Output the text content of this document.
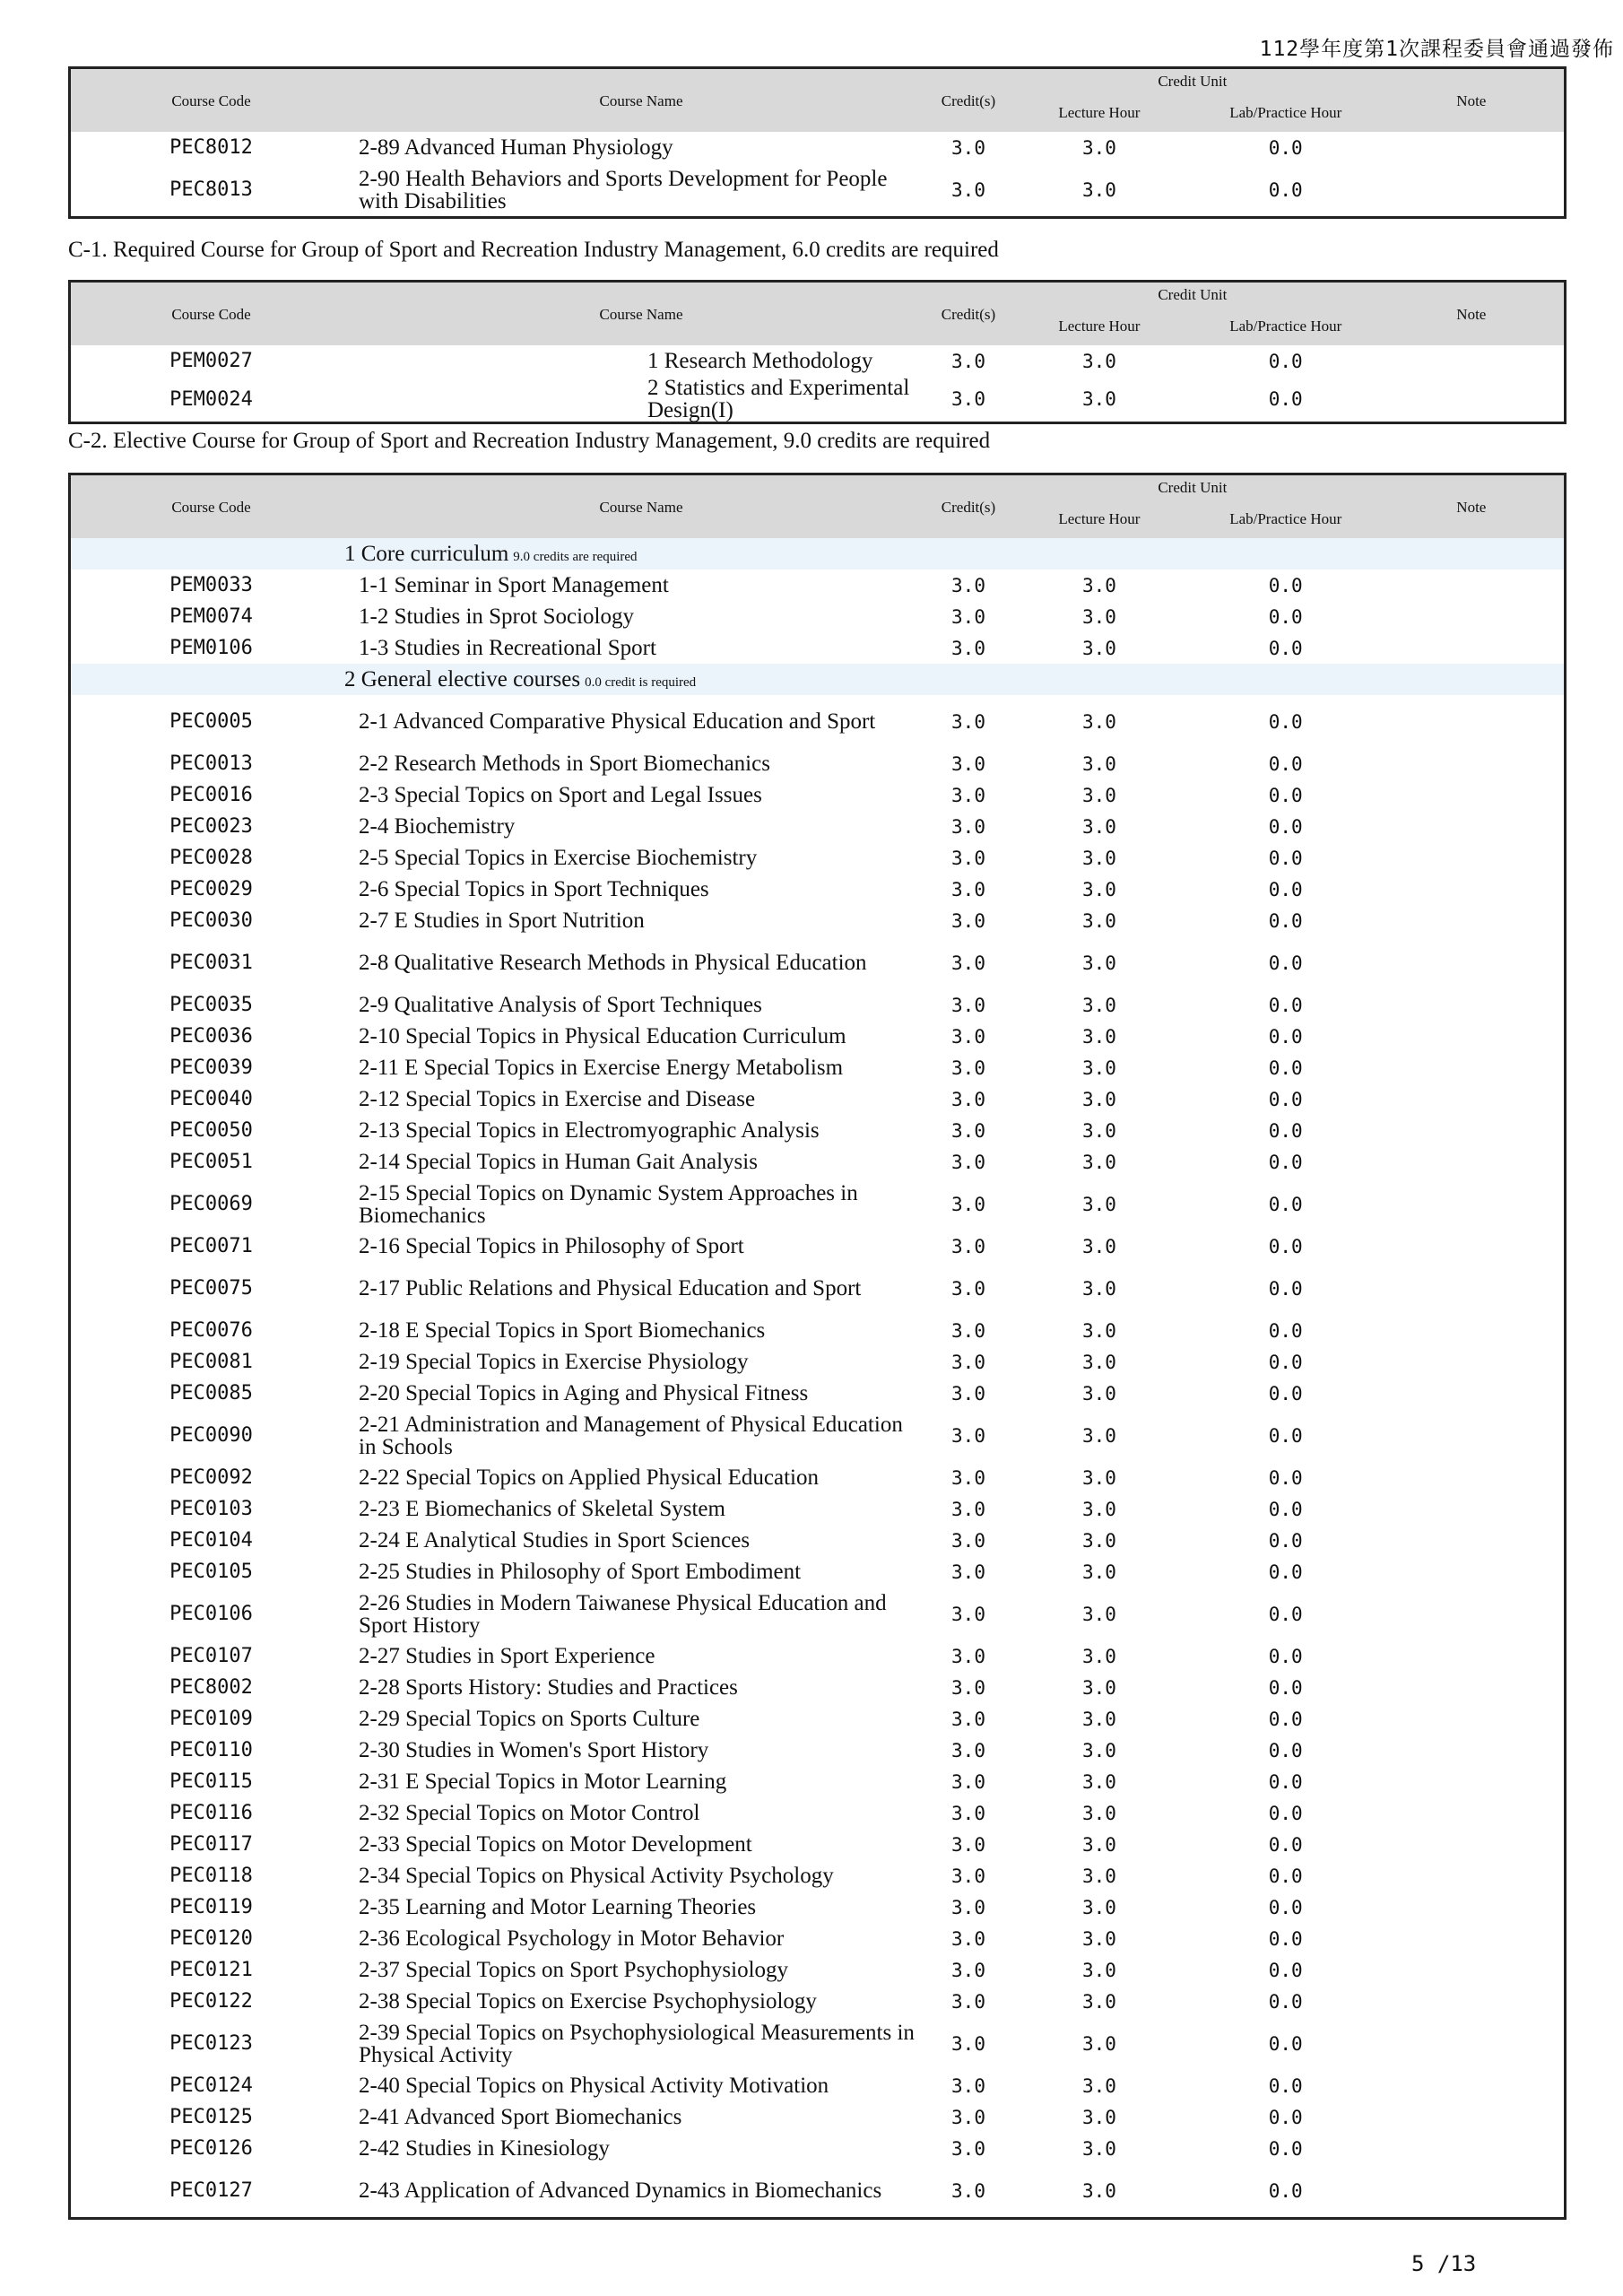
112學年度第1次課程委員會通過發佈
Course Code	Course Name	Credit(s)	Credit Unit		Note
			Lecture Hour	Lab/Practice Hour	
PEC8012	2-89 Advanced Human Physiology	3.0	3.0	0.0	
PEC8013	2-90 Health Behaviors and Sports Development for People with Disabilities	3.0	3.0	0.0	
C-1. Required Course for Group of Sport and Recreation Industry Management, 6.0 credits are required
Course Code	Course Name	Credit(s)	Credit Unit		Note
			Lecture Hour	Lab/Practice Hour	
PEM0027	1 Research Methodology	3.0	3.0	0.0	
PEM0024	2 Statistics and Experimental Design(I)	3.0	3.0	0.0	
C-2. Elective Course for Group of Sport and Recreation Industry Management, 9.0 credits are required
Course Code	Course Name	Credit(s)	Credit Unit		Note
			Lecture Hour	Lab/Practice Hour	

1 Core curriculum 9.0 credits are required					

PEM0033	1-1 Seminar in Sport Management	3.0	3.0	0.0	
PEM0074	1-2 Studies in Sprot Sociology	3.0	3.0	0.0	
PEM0106	1-3 Studies in Recreational Sport	3.0	3.0	0.0	

2 General elective courses 0.0 credit is required					

PEC0005	2-1 Advanced Comparative Physical Education and Sport	3.0	3.0	0.0	
PEC0013	2-2 Research Methods in Sport Biomechanics	3.0	3.0	0.0	
PEC0016	2-3 Special Topics on Sport and Legal Issues	3.0	3.0	0.0	
PEC0023	2-4 Biochemistry	3.0	3.0	0.0	
PEC0028	2-5 Special Topics in Exercise Biochemistry	3.0	3.0	0.0	
PEC0029	2-6 Special Topics in Sport Techniques	3.0	3.0	0.0	
PEC0030	2-7 E Studies in Sport Nutrition	3.0	3.0	0.0	
PEC0031	2-8 Qualitative Research Methods in Physical Education	3.0	3.0	0.0	
PEC0035	2-9 Qualitative Analysis of Sport Techniques	3.0	3.0	0.0	
PEC0036	2-10 Special Topics in Physical Education Curriculum	3.0	3.0	0.0	
PEC0039	2-11 E Special Topics in Exercise Energy Metabolism	3.0	3.0	0.0	
PEC0040	2-12 Special Topics in Exercise and Disease	3.0	3.0	0.0	
PEC0050	2-13 Special Topics in Electromyographic Analysis	3.0	3.0	0.0	
PEC0051	2-14 Special Topics in Human Gait Analysis	3.0	3.0	0.0	
PEC0069	2-15 Special Topics on Dynamic System Approaches in Biomechanics	3.0	3.0	0.0	
PEC0071	2-16 Special Topics in Philosophy of Sport	3.0	3.0	0.0	
PEC0075	2-17 Public Relations and Physical Education and Sport	3.0	3.0	0.0	
PEC0076	2-18 E Special Topics in Sport Biomechanics	3.0	3.0	0.0	
PEC0081	2-19 Special Topics in Exercise Physiology	3.0	3.0	0.0	
PEC0085	2-20 Special Topics in Aging and Physical Fitness	3.0	3.0	0.0	
PEC0090	2-21 Administration and Management of Physical Education in Schools	3.0	3.0	0.0	
PEC0092	2-22 Special Topics on Applied Physical Education	3.0	3.0	0.0	
PEC0103	2-23 E Biomechanics of Skeletal System	3.0	3.0	0.0	
PEC0104	2-24 E Analytical Studies in Sport Sciences	3.0	3.0	0.0	
PEC0105	2-25 Studies in Philosophy of Sport Embodiment	3.0	3.0	0.0	
PEC0106	2-26 Studies in Modern Taiwanese Physical Education and Sport History	3.0	3.0	0.0	
PEC0107	2-27 Studies in Sport Experience	3.0	3.0	0.0	
PEC8002	2-28 Sports History: Studies and Practices	3.0	3.0	0.0	
PEC0109	2-29 Special Topics on Sports Culture	3.0	3.0	0.0	
PEC0110	2-30 Studies in Women's Sport History	3.0	3.0	0.0	
PEC0115	2-31 E Special Topics in Motor Learning	3.0	3.0	0.0	
PEC0116	2-32 Special Topics on Motor Control	3.0	3.0	0.0	
PEC0117	2-33 Special Topics on Motor Development	3.0	3.0	0.0	
PEC0118	2-34 Special Topics on Physical Activity Psychology	3.0	3.0	0.0	
PEC0119	2-35 Learning and Motor Learning Theories	3.0	3.0	0.0	
PEC0120	2-36 Ecological Psychology in Motor Behavior	3.0	3.0	0.0	
PEC0121	2-37 Special Topics on Sport Psychophysiology	3.0	3.0	0.0	
PEC0122	2-38 Special Topics on Exercise Psychophysiology	3.0	3.0	0.0	
PEC0123	2-39 Special Topics on Psychophysiological Measurements in Physical Activity	3.0	3.0	0.0	
PEC0124	2-40 Special Topics on Physical Activity Motivation	3.0	3.0	0.0	
PEC0125	2-41 Advanced Sport Biomechanics	3.0	3.0	0.0	
PEC0126	2-42 Studies in Kinesiology	3.0	3.0	0.0	
PEC0127	2-43 Application of Advanced Dynamics in Biomechanics	3.0	3.0	0.0	
5 /13
